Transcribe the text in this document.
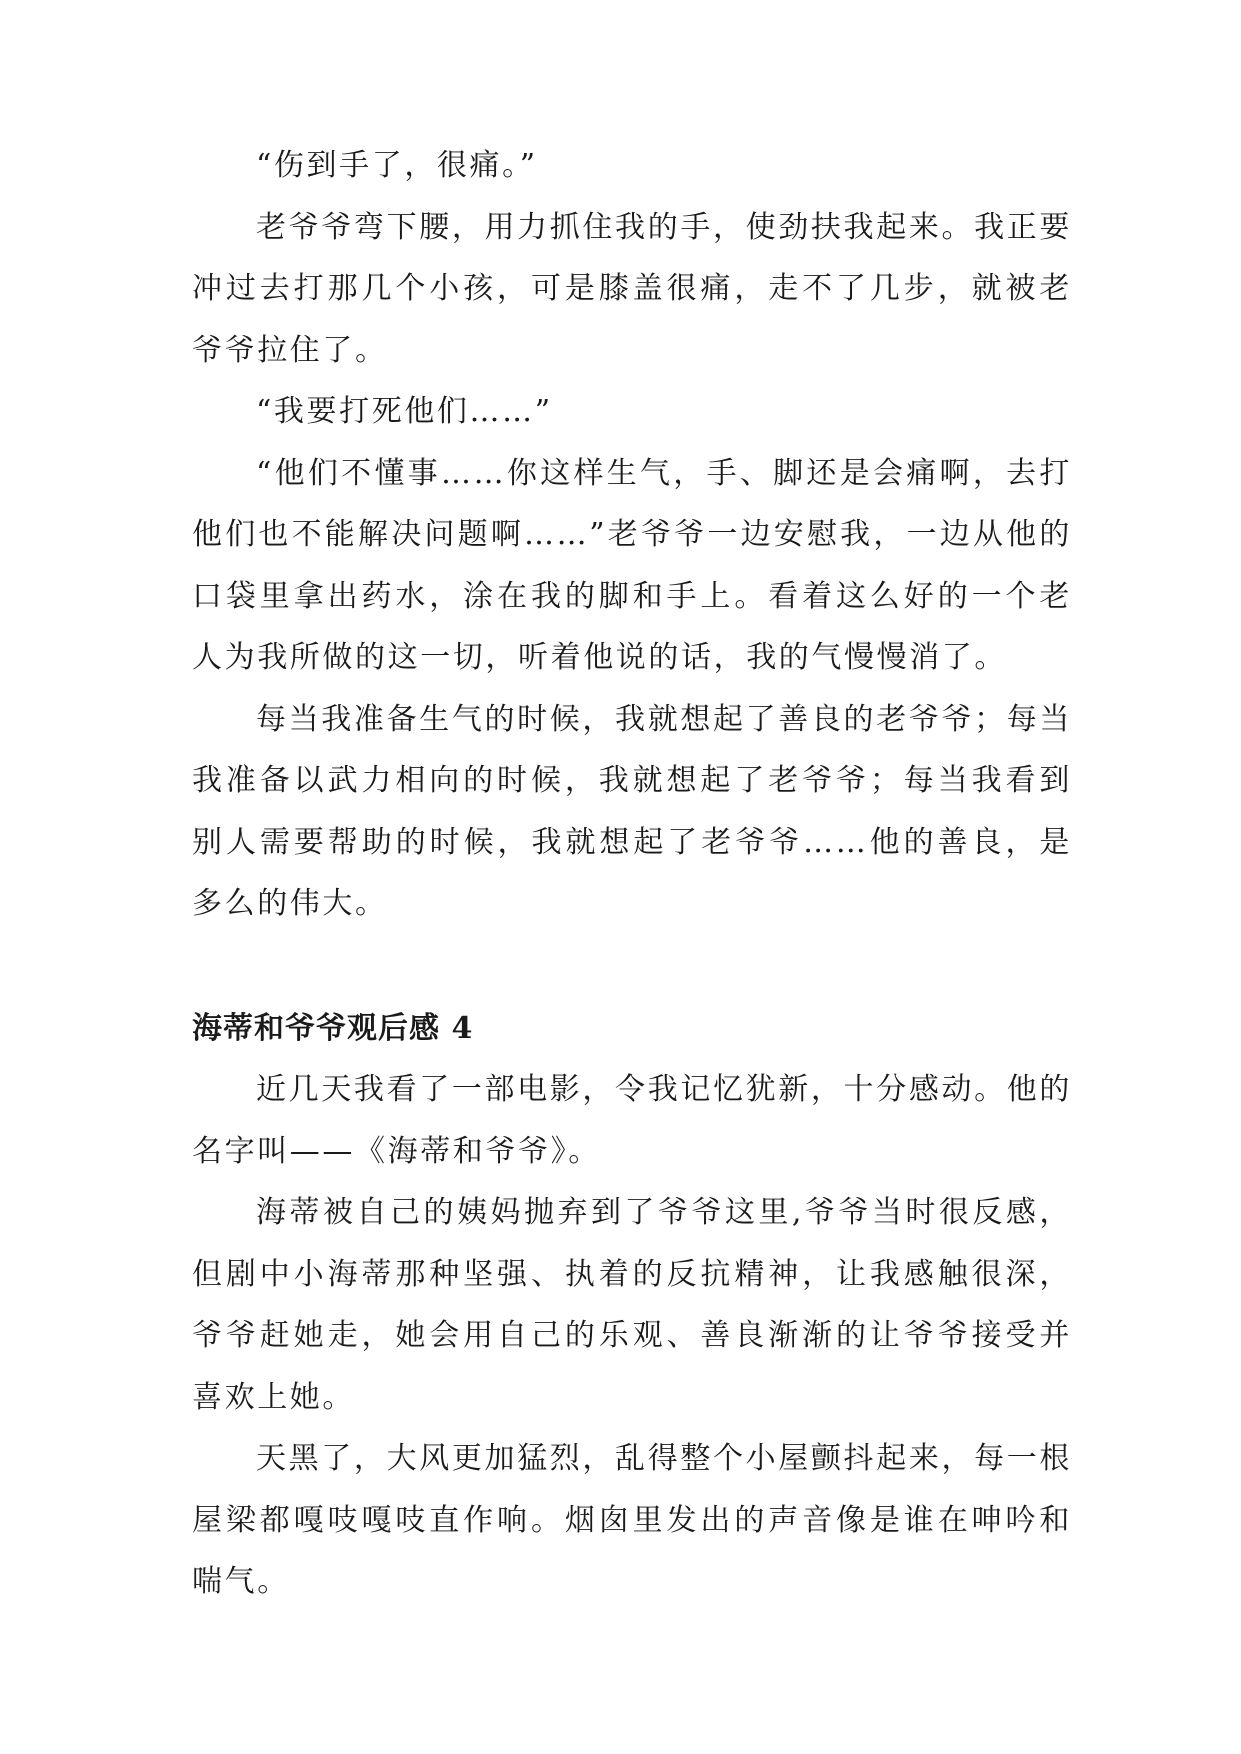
“伤到手了，很痛。”

老爷爷弯下腰，用力抓住我的手，使劲扶我起来。我正要冲过去打那几个小孩，可是膝盖很痛，走不了几步，就被老爷爷拉住了。

“我要打死他们……”

“他们不懂事……你这样生气，手、脚还是会痛啊，去打他们也不能解决问题啊……”老爷爷一边安慰我，一边从他的口袋里拿出药水，涂在我的脚和手上。看着这么好的一个老人为我所做的这一切，听着他说的话，我的气慢慢消了。

每当我准备生气的时候，我就想起了善良的老爷爷；每当我准备以武力相向的时候，我就想起了老爷爷；每当我看到别人需要帮助的时候，我就想起了老爷爷……他的善良，是多么的伟大。

海蒂和爷爷观后感 4

近几天我看了一部电影，令我记忆犹新，十分感动。他的名字叫——《海蒂和爷爷》。

海蒂被自己的姨妈抛弃到了爷爷这里,爷爷当时很反感，但剧中小海蒂那种坚强、执着的反抗精神，让我感触很深，爷爷赶她走，她会用自己的乐观、善良渐渐的让爷爷接受并喜欢上她。

天黑了，大风更加猛烈，乱得整个小屋颤抖起来，每一根屋梁都嘎吱嘎吱直作响。烟囱里发出的声音像是谁在呻吟和喘气。
